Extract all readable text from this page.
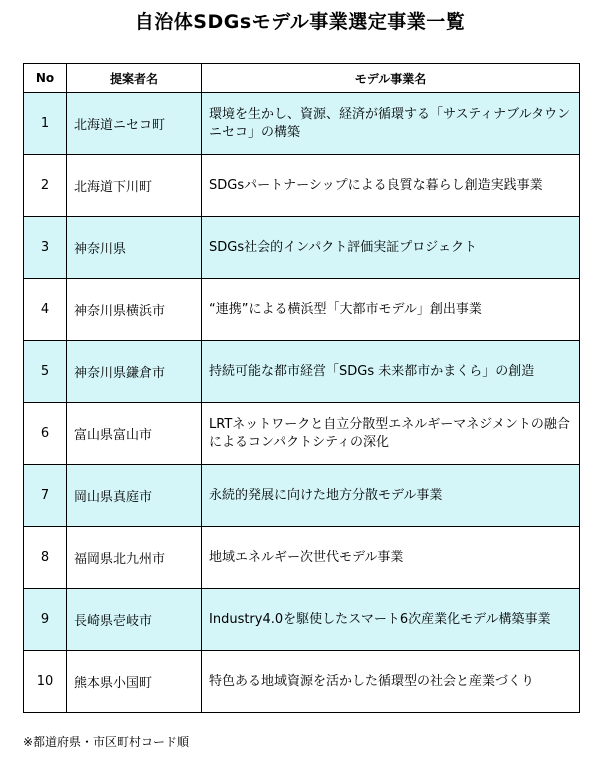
自治体SDGsモデル事業選定事業一覧
No	提案者名	モデル事業名
1	北海道ニセコ町	環境を生かし、資源、経済が循環する「サスティナブルタウンニセコ」の構築
2	北海道下川町	SDGsパートナーシップによる良質な暮らし創造実践事業
3	神奈川県	SDGs社会的インパクト評価実証プロジェクト
4	神奈川県横浜市	“連携”による横浜型「大都市モデル」創出事業
5	神奈川県鎌倉市	持続可能な都市経営「SDGs 未来都市かまくら」の創造
6	富山県富山市	LRTネットワークと自立分散型エネルギーマネジメントの融合によるコンパクトシティの深化
7	岡山県真庭市	永続的発展に向けた地方分散モデル事業
8	福岡県北九州市	地域エネルギー次世代モデル事業
9	長崎県壱岐市	Industry4.0を駆使したスマート6次産業化モデル構築事業
10	熊本県小国町	特色ある地域資源を活かした循環型の社会と産業づくり
※都道府県・市区町村コード順
